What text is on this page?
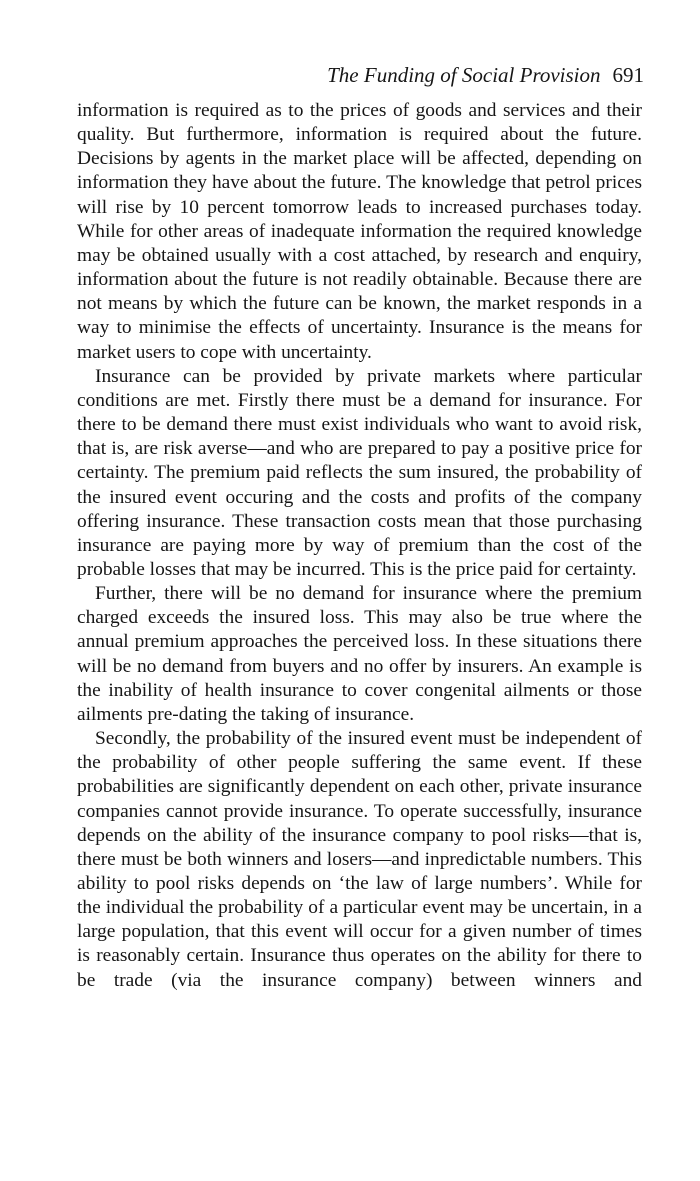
The Funding of Social Provision 691

information is required as to the prices of goods and services and their quality. But furthermore, information is required about the future. Decisions by agents in the market place will be affected, depending on information they have about the future. The knowledge that petrol prices will rise by 10 percent tomorrow leads to increased purchases today. While for other areas of inadequate information the required knowledge may be obtained usually with a cost attached, by research and enquiry, information about the future is not readily obtainable. Because there are not means by which the future can be known, the market responds in a way to minimise the effects of uncertainty. Insurance is the means for market users to cope with uncertainty.

Insurance can be provided by private markets where particular conditions are met. Firstly there must be a demand for insurance. For there to be demand there must exist individuals who want to avoid risk, that is, are risk averse—and who are prepared to pay a positive price for certainty. The premium paid reflects the sum insured, the probability of the insured event occuring and the costs and profits of the company offering insurance. These transaction costs mean that those purchasing insurance are paying more by way of premium than the cost of the probable losses that may be incurred. This is the price paid for certainty.

Further, there will be no demand for insurance where the premium charged exceeds the insured loss. This may also be true where the annual premium approaches the perceived loss. In these situations there will be no demand from buyers and no offer by insurers. An example is the inability of health insurance to cover congenital ailments or those ailments pre-dating the taking of insurance.

Secondly, the probability of the insured event must be independent of the probability of other people suffering the same event. If these probabilities are significantly dependent on each other, private insurance companies cannot provide insurance. To operate successfully, insurance depends on the ability of the insurance company to pool risks—that is, there must be both winners and losers—and inpredictable numbers. This ability to pool risks depends on ‘the law of large numbers’. While for the individual the probability of a particular event may be uncertain, in a large population, that this event will occur for a given number of times is reasonably certain. Insurance thus operates on the ability for there to be trade (via the insurance company) between winners and
